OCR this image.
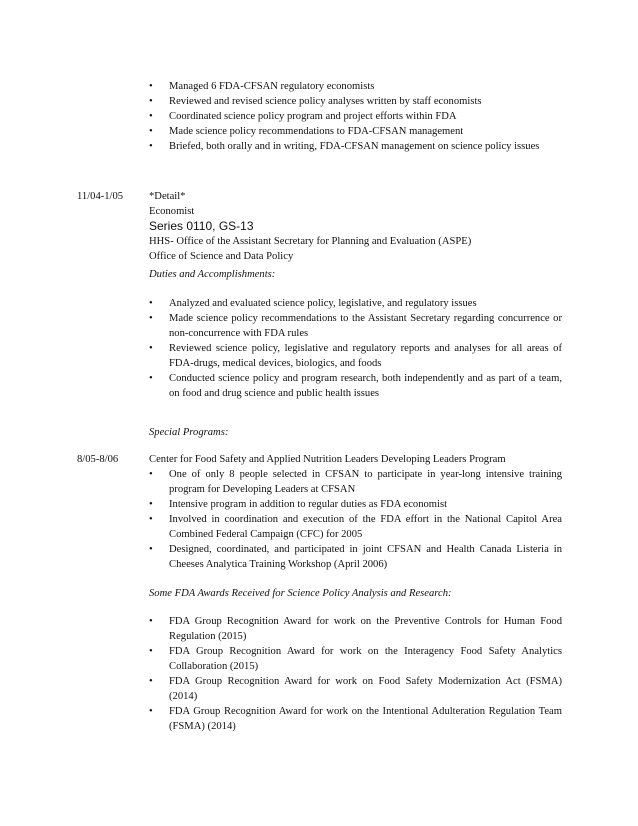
• Managed 6 FDA-CFSAN regulatory economists
• Reviewed and revised science policy analyses written by staff economists
• Coordinated science policy program and project efforts within FDA
• Made science policy recommendations to FDA-CFSAN management
• Briefed, both orally and in writing, FDA-CFSAN management on science policy issues
11/04-1/05 *Detail*
Economist
Series 0110, GS-13
HHS- Office of the Assistant Secretary for Planning and Evaluation (ASPE)
Office of Science and Data Policy
Duties and Accomplishments:
• Analyzed and evaluated science policy, legislative, and regulatory issues
• Made science policy recommendations to the Assistant Secretary regarding concurrence or non-concurrence with FDA rules
• Reviewed science policy, legislative and regulatory reports and analyses for all areas of FDA-drugs, medical devices, biologics, and foods
• Conducted science policy and program research, both independently and as part of a team, on food and drug science and public health issues
Special Programs:
8/05-8/06	Center for Food Safety and Applied Nutrition Leaders Developing Leaders Program
• One of only 8 people selected in CFSAN to participate in year-long intensive training program for Developing Leaders at CFSAN
• Intensive program in addition to regular duties as FDA economist
• Involved in coordination and execution of the FDA effort in the National Capitol Area Combined Federal Campaign (CFC) for 2005
• Designed, coordinated, and participated in joint CFSAN and Health Canada Listeria in Cheeses Analytica Training Workshop (April 2006)
Some FDA Awards Received for Science Policy Analysis and Research:
• FDA Group Recognition Award for work on the Preventive Controls for Human Food Regulation (2015)
• FDA Group Recognition Award for work on the Interagency Food Safety Analytics Collaboration (2015)
• FDA Group Recognition Award for work on Food Safety Modernization Act (FSMA) (2014)
• FDA Group Recognition Award for work on the Intentional Adulteration Regulation Team (FSMA) (2014)
